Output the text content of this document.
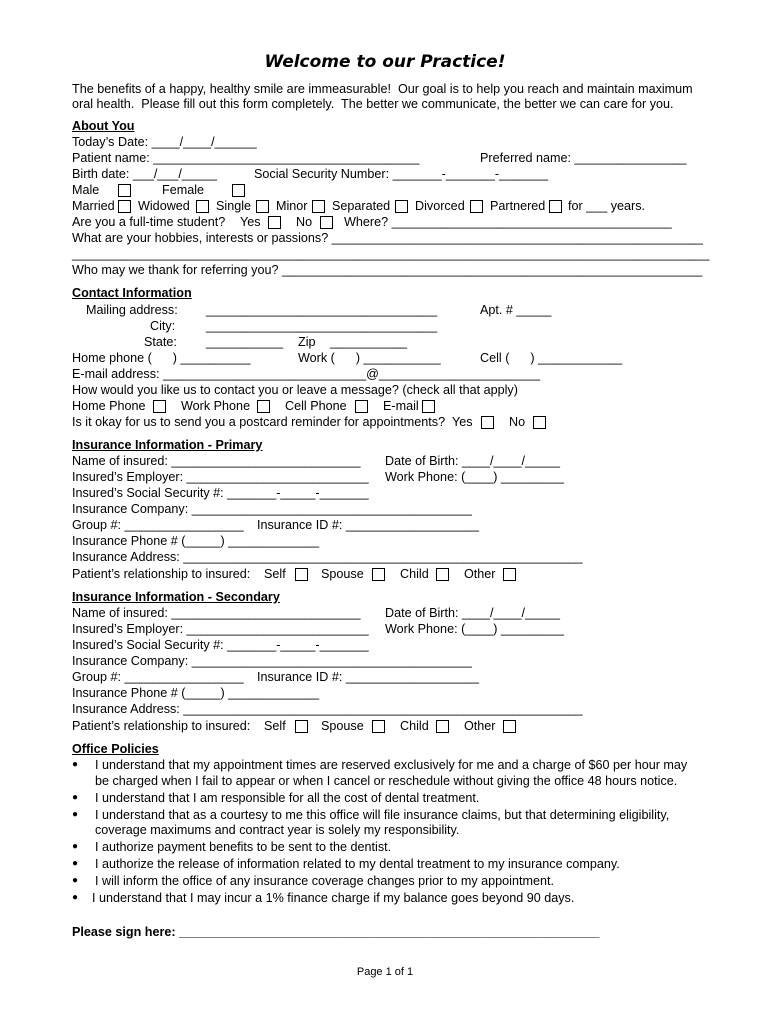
Welcome to our Practice!
The benefits of a happy, healthy smile are immeasurable!  Our goal is to help you reach and maintain maximum
oral health.  Please fill out this form completely.  The better we communicate, the better we can care for you.
About You
Today’s Date: ____/____/______
Patient name: ______________________________________	Preferred name: ________________
Birth date: ___/___/_____	Social Security Number: _______-_______-_______
Male	Female
Married Widowed Single Minor Separated Divorced Partnered for ___ years.
Are you a full-time student? Yes	No	Where? ________________________________________
What are your hobbies, interests or passions? _____________________________________________________
___________________________________________________________________________________________
Who may we thank for referring you? ____________________________________________________________
Contact Information
Mailing address: _________________________________	Apt. # _____
City: _________________________________
State: ___________ Zip ___________
Home phone (      ) __________	Work (      ) ___________	Cell (      ) ____________
E-mail address: _____________________________@_______________________
How would you like us to contact you or leave a message? (check all that apply)
Home Phone	Work Phone	Cell Phone	E-mail
Is it okay for us to send you a postcard reminder for appointments? Yes	No
Insurance Information - Primary
Name of insured: ___________________________ Date of Birth: ____/____/_____
Insured’s Employer: __________________________ Work Phone: (____) _________
Insured’s Social Security #: _______-_____-_______
Insurance Company: ________________________________________
Group #: _________________ Insurance ID #: ___________________
Insurance Phone # (_____) _____________
Insurance Address: _________________________________________________________
Patient’s relationship to insured: Self	Spouse	Child	Other
Insurance Information - Secondary
Name of insured: ___________________________ Date of Birth: ____/____/_____
Insured’s Employer: __________________________ Work Phone: (____) _________
Insured’s Social Security #: _______-_____-_______
Insurance Company: ________________________________________
Group #: _________________ Insurance ID #: ___________________
Insurance Phone # (_____) _____________
Insurance Address: _________________________________________________________
Patient’s relationship to insured: Self	Spouse	Child	Other
Office Policies
● I understand that my appointment times are reserved exclusively for me and a charge of $60 per hour may
be charged when I fail to appear or when I cancel or reschedule without giving the office 48 hours notice.
● I understand that I am responsible for all the cost of dental treatment.
● I understand that as a courtesy to me this office will file insurance claims, but that determining eligibility,
coverage maximums and contract year is solely my responsibility.
● I authorize payment benefits to be sent to the dentist.
● I authorize the release of information related to my dental treatment to my insurance company.
● I will inform the office of any insurance coverage changes prior to my appointment.
● I understand that I may incur a 1% finance charge if my balance goes beyond 90 days.
Please sign here: ____________________________________________________________
Page 1 of 1
